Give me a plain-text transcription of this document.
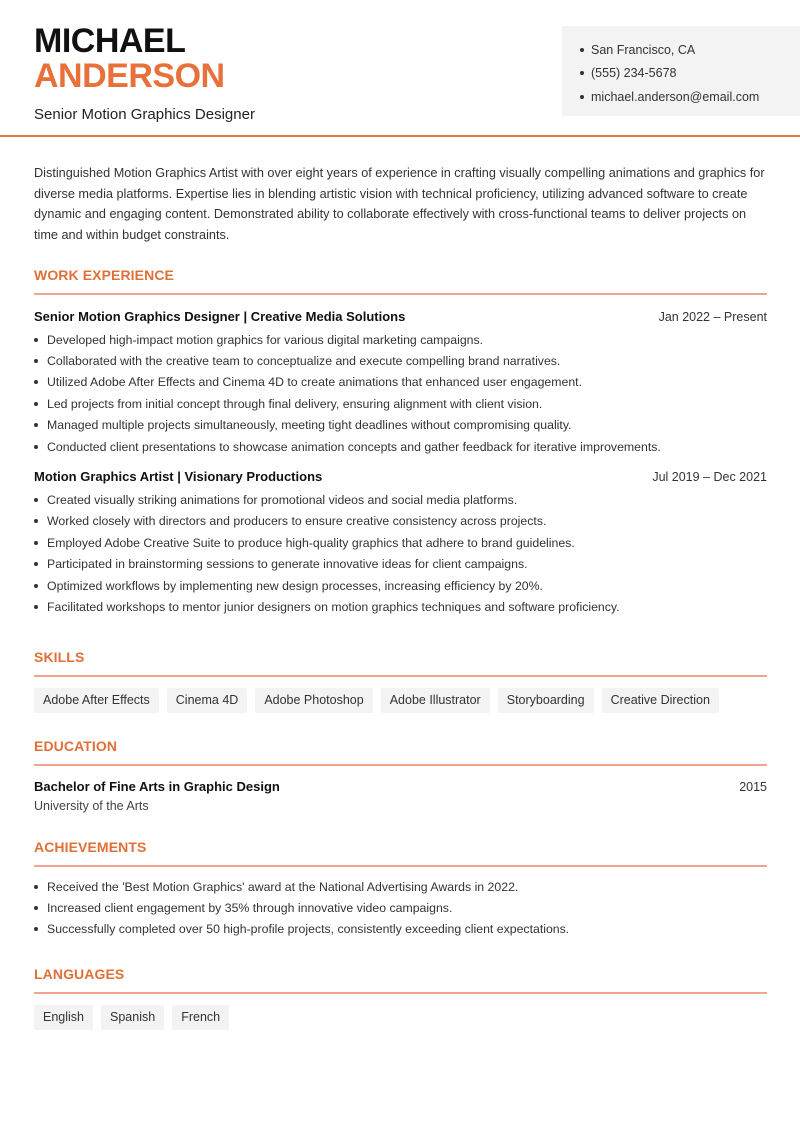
MICHAEL
ANDERSON
Senior Motion Graphics Designer
San Francisco, CA
(555) 234-5678
michael.anderson@email.com

Distinguished Motion Graphics Artist with over eight years of experience in crafting visually compelling animations and graphics for diverse media platforms. Expertise lies in blending artistic vision with technical proficiency, utilizing advanced software to create dynamic and engaging content. Demonstrated ability to collaborate effectively with cross-functional teams to deliver projects on time and within budget constraints.

WORK EXPERIENCE
Senior Motion Graphics Designer | Creative Media Solutions	Jan 2022 – Present
Developed high-impact motion graphics for various digital marketing campaigns.
Collaborated with the creative team to conceptualize and execute compelling brand narratives.
Utilized Adobe After Effects and Cinema 4D to create animations that enhanced user engagement.
Led projects from initial concept through final delivery, ensuring alignment with client vision.
Managed multiple projects simultaneously, meeting tight deadlines without compromising quality.
Conducted client presentations to showcase animation concepts and gather feedback for iterative improvements.
Motion Graphics Artist | Visionary Productions	Jul 2019 – Dec 2021
Created visually striking animations for promotional videos and social media platforms.
Worked closely with directors and producers to ensure creative consistency across projects.
Employed Adobe Creative Suite to produce high-quality graphics that adhere to brand guidelines.
Participated in brainstorming sessions to generate innovative ideas for client campaigns.
Optimized workflows by implementing new design processes, increasing efficiency by 20%.
Facilitated workshops to mentor junior designers on motion graphics techniques and software proficiency.
SKILLS
Adobe After Effects	Cinema 4D	Adobe Photoshop	Adobe Illustrator	Storyboarding	Creative Direction
EDUCATION
Bachelor of Fine Arts in Graphic Design	2015
University of the Arts
ACHIEVEMENTS
Received the 'Best Motion Graphics' award at the National Advertising Awards in 2022.
Increased client engagement by 35% through innovative video campaigns.
Successfully completed over 50 high-profile projects, consistently exceeding client expectations.
LANGUAGES
English	Spanish	French
